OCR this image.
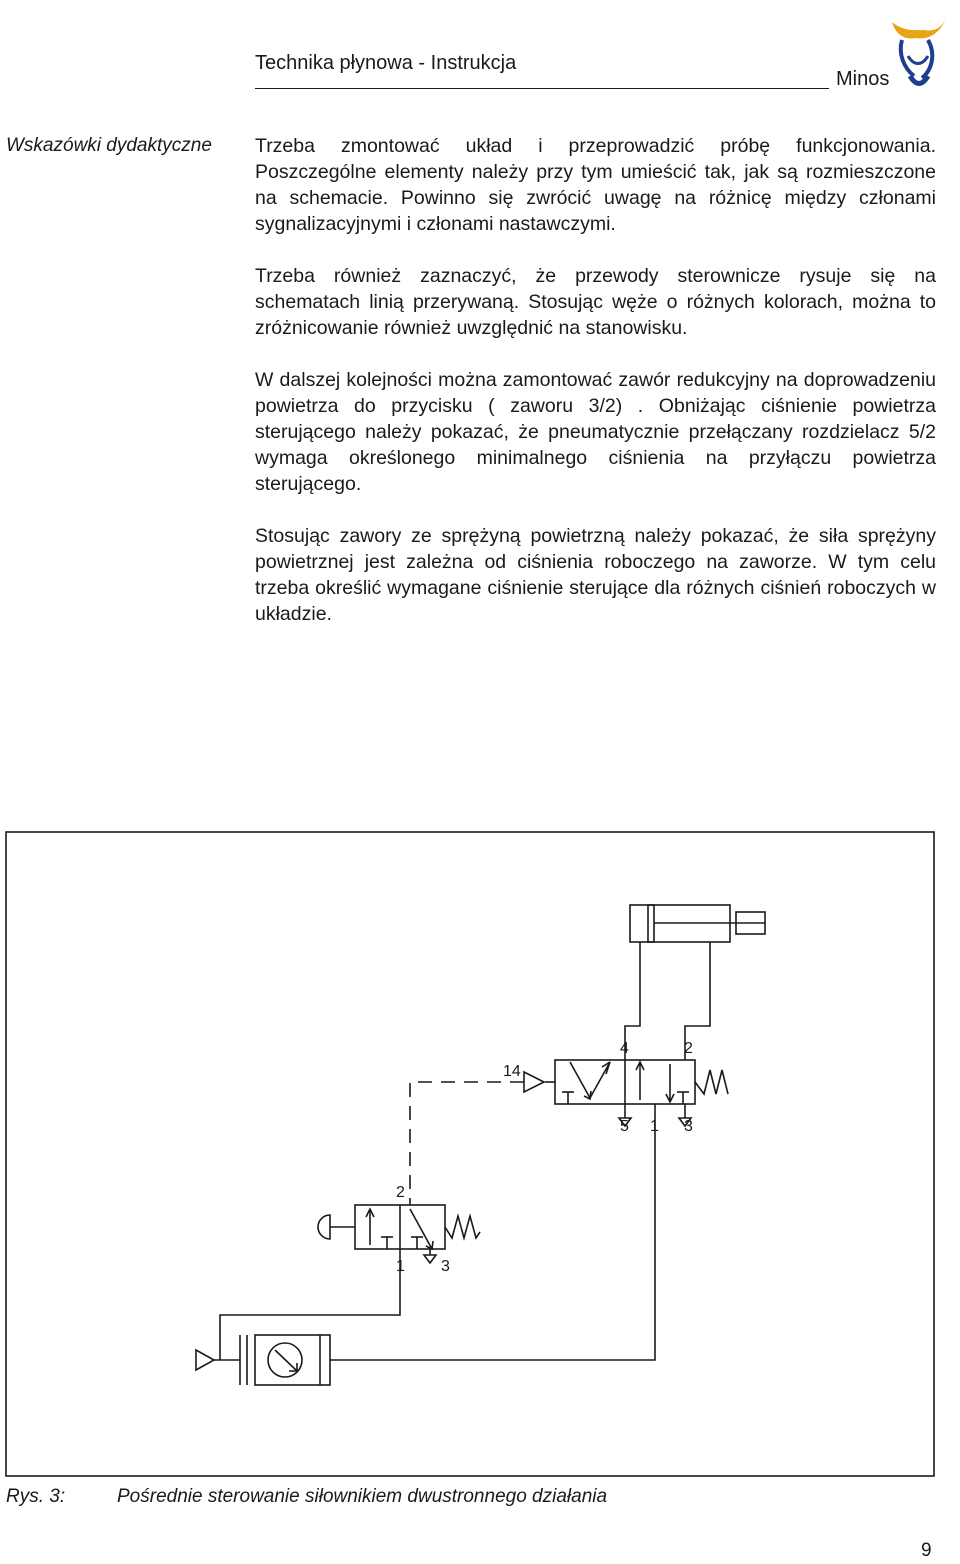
Technika płynowa - Instrukcja
Minos
Wskazówki dydaktyczne Trzeba zmontować układ i przeprowadzić próbę funkcjonowania. Poszczególne elementy należy przy tym umieścić tak, jak są rozmieszczone na schemacie. Powinno się zwrócić uwagę na różnicę między członami sygnalizacyjnymi i członami nastawczymi.

Trzeba również zaznaczyć, że przewody sterownicze rysuje się na schematach linią przerywaną. Stosując węże o różnych kolorach, można to zróżnicowanie również uwzględnić na stanowisku.

W dalszej kolejności można zamontować zawór redukcyjny na doprowadzeniu powietrza do przycisku ( zaworu 3/2) . Obniżając ciśnienie powietrza sterującego należy pokazać, że pneumatycznie przełączany rozdzielacz 5/2 wymaga określonego minimalnego ciśnienia na przyłączu powietrza sterującego.

Stosując zawory ze sprężyną powietrzną należy pokazać, że siła sprężyny powietrznej jest zależna od ciśnienia roboczego na zaworze. W tym celu trzeba określić wymagane ciśnienie sterujące dla różnych ciśnień roboczych w układzie.

14
4	2
5 1 3
2
1 3
Rys. 3:	Pośrednie sterowanie siłownikiem dwustronnego działania
9
